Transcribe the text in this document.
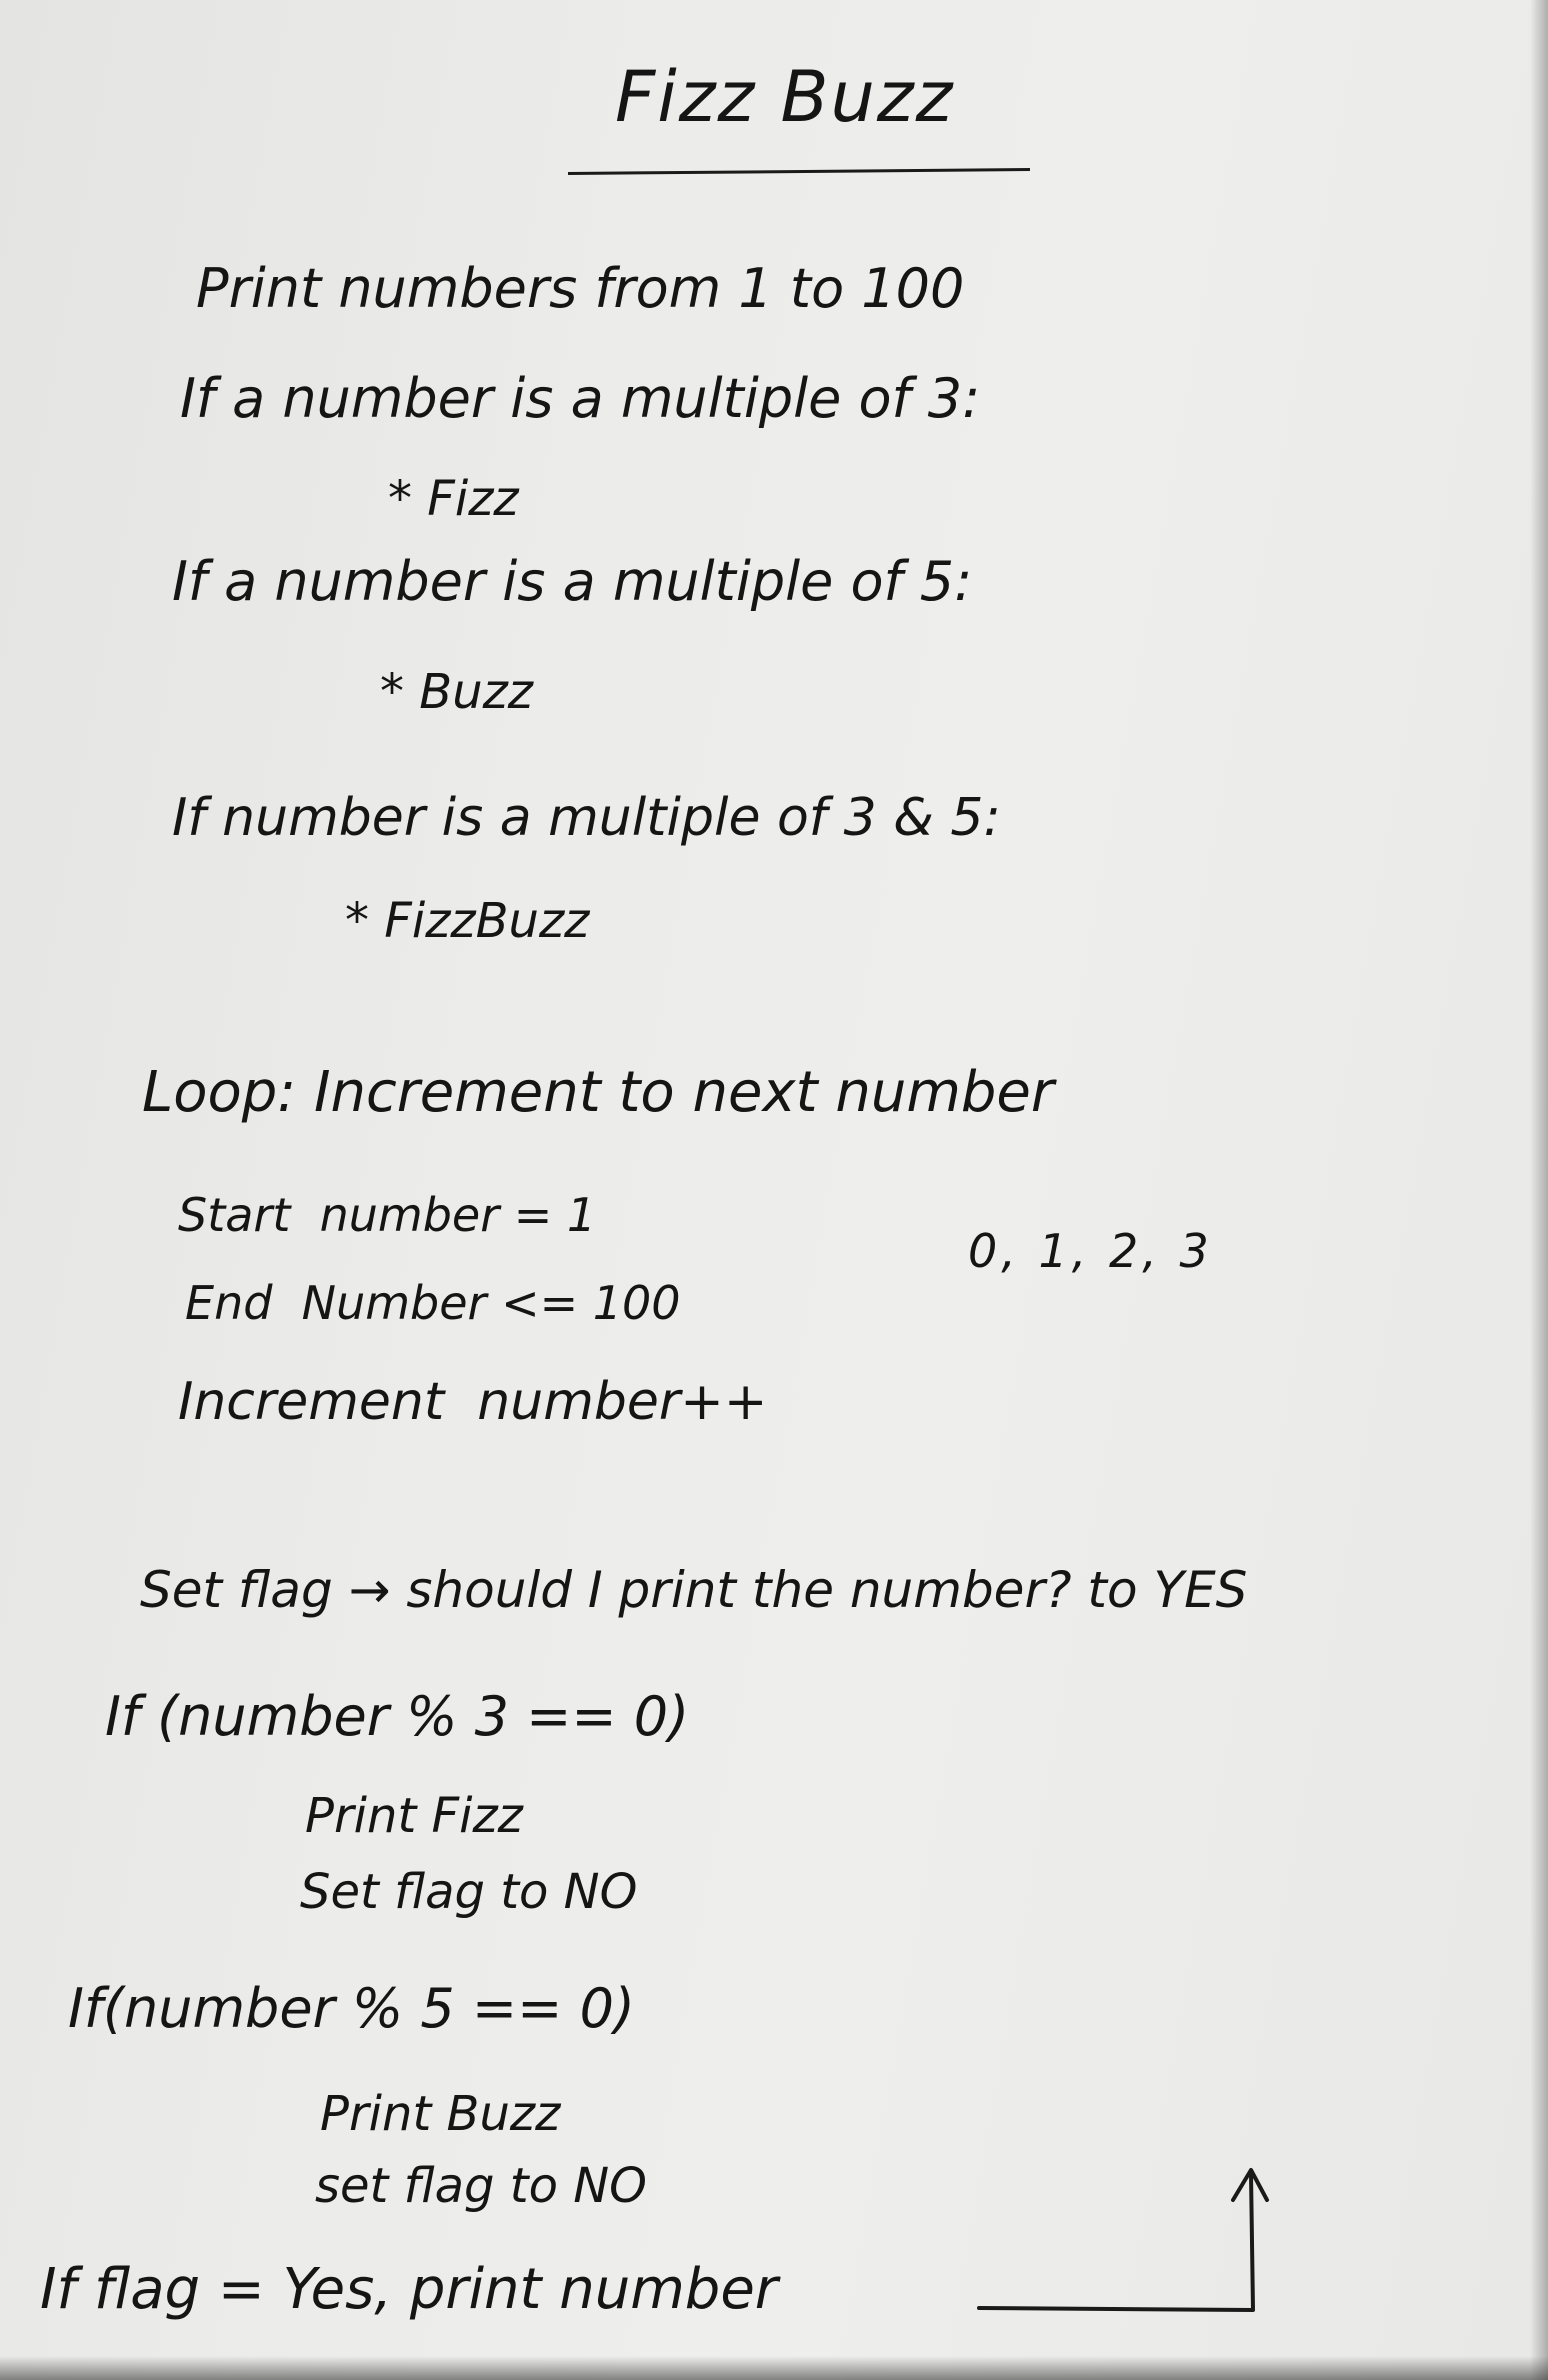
Fizz Buzz

Print numbers from 1 to 100

If a number is a multiple of 3:

* Fizz

If a number is a multiple of 5:

* Buzz

If number is a multiple of 3 & 5:

* FizzBuzz

Loop: Increment to next number

Start  number = 1

0, 1, 2, 3

End  Number <= 100

Increment  number++

Set flag → should I print the number? to YES

If (number % 3 == 0)

Print Fizz

Set flag to NO

If(number % 5 == 0)

Print Buzz

set flag to NO

If flag = Yes, print number
